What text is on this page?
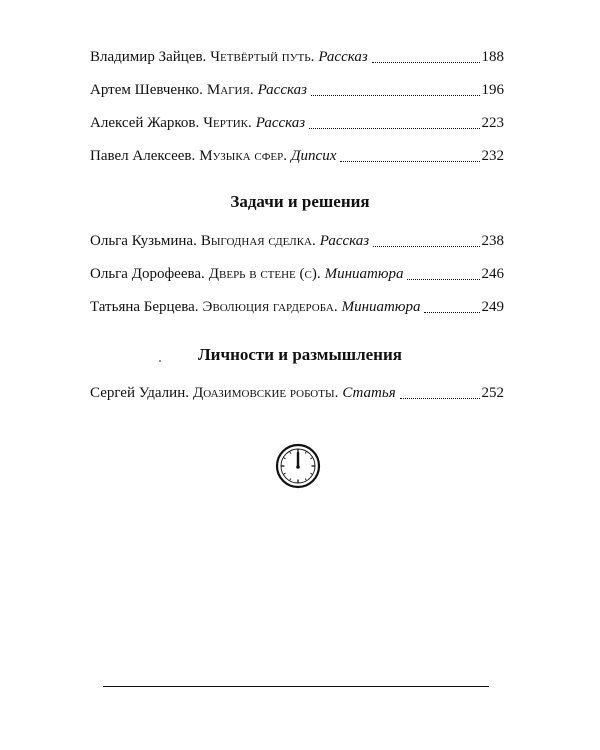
Владимир Зайцев. Четвёртый путь. Рассказ	188
Артем Шевченко. Магия. Рассказ	196
Алексей Жарков. Чертик. Рассказ	223
Павел Алексеев. Музыка сфер. Дипсих	232
Задачи и решения
Ольга Кузьмина. Выгодная сделка. Рассказ	238
Ольга Дорофеева. Дверь в стене (с). Миниатюра	246
Татьяна Берцева. Эволюция гардероба. Миниатюра	249
Личности и размышления
Сергей Удалин. Доазимовские роботы. Статья	252
